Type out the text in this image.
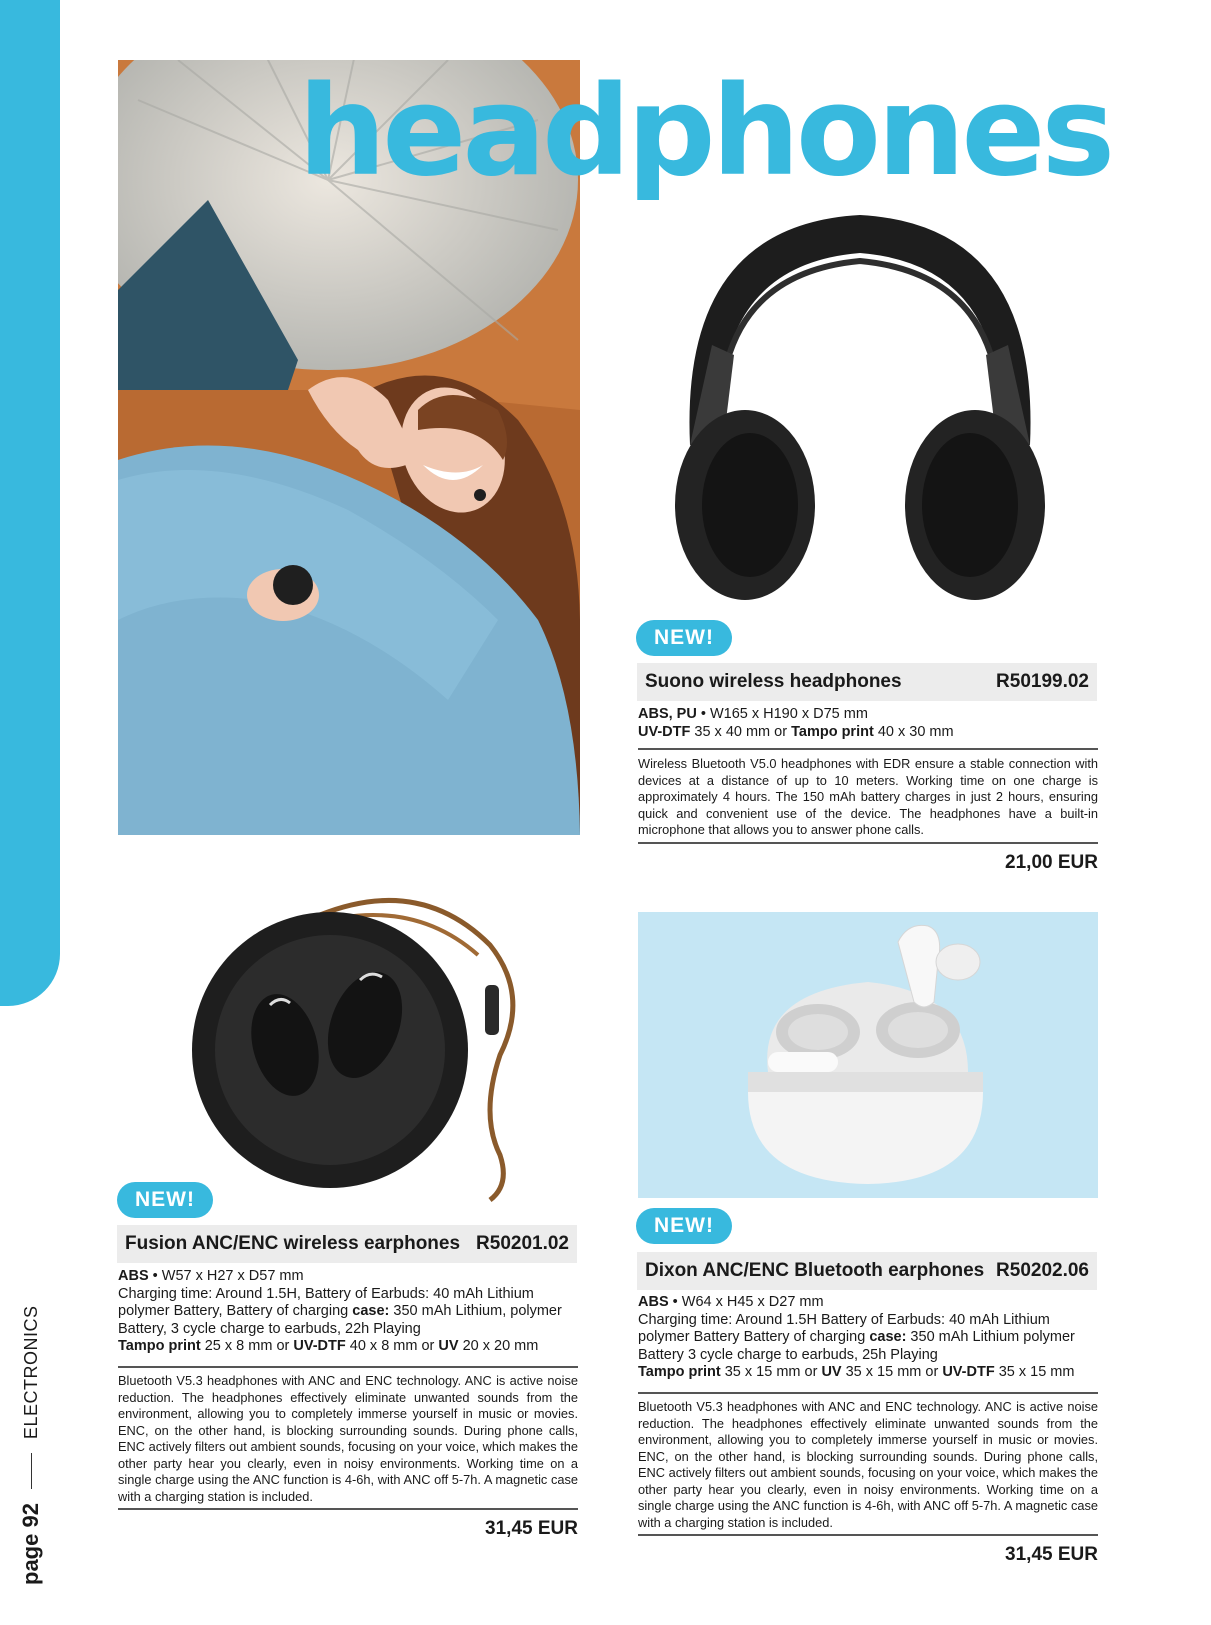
page 92
ELECTRONICS
headphones
NEW!
Suono wireless headphones	R50199.02
ABS, PU • W165 x H190 x D75 mm
UV-DTF 35 x 40 mm or Tampo print 40 x 30 mm
Wireless Bluetooth V5.0 headphones with EDR ensure a stable connection with devices at a distance of up to 10 meters. Working time on one charge is approximately 4 hours. The 150 mAh battery charges in just 2 hours, ensuring quick and convenient use of the device. The headphones have a built-in microphone that allows you to answer phone calls.
21,00 EUR
NEW!
Fusion ANC/ENC wireless earphones R50201.02
ABS • W57 x H27 x D57 mm
Charging time: Around 1.5H, Battery of Earbuds: 40 mAh Lithium
polymer Battery, Battery of charging case: 350 mAh Lithium, polymer
Battery, 3 cycle charge to earbuds, 22h Playing
Tampo print 25 x 8 mm or UV-DTF 40 x 8 mm or UV 20 x 20 mm
Bluetooth V5.3 headphones with ANC and ENC technology. ANC is active noise reduction. The headphones effectively eliminate unwanted sounds from the environment, allowing you to completely immerse yourself in music or movies. ENC, on the other hand, is blocking surrounding sounds. During phone calls, ENC actively filters out ambient sounds, focusing on your voice, which makes the other party hear you clearly, even in noisy environments. Working time on a single charge using the ANC function is 4-6h, with ANC off 5-7h. A magnetic case with a charging station is included.
31,45 EUR
NEW!
Dixon ANC/ENC Bluetooth earphones R50202.06
ABS • W64 x H45 x D27 mm
Charging time: Around 1.5H Battery of Earbuds: 40 mAh Lithium
polymer Battery Battery of charging case: 350 mAh Lithium polymer
Battery 3 cycle charge to earbuds, 25h Playing
Tampo print 35 x 15 mm or UV 35 x 15 mm or UV-DTF 35 x 15 mm
Bluetooth V5.3 headphones with ANC and ENC technology. ANC is active noise reduction. The headphones effectively eliminate unwanted sounds from the environment, allowing you to completely immerse yourself in music or movies. ENC, on the other hand, is blocking surrounding sounds. During phone calls, ENC actively filters out ambient sounds, focusing on your voice, which makes the other party hear you clearly, even in noisy environments. Working time on a single charge using the ANC function is 4-6h, with ANC off 5-7h. A magnetic case with a charging station is included.
31,45 EUR
